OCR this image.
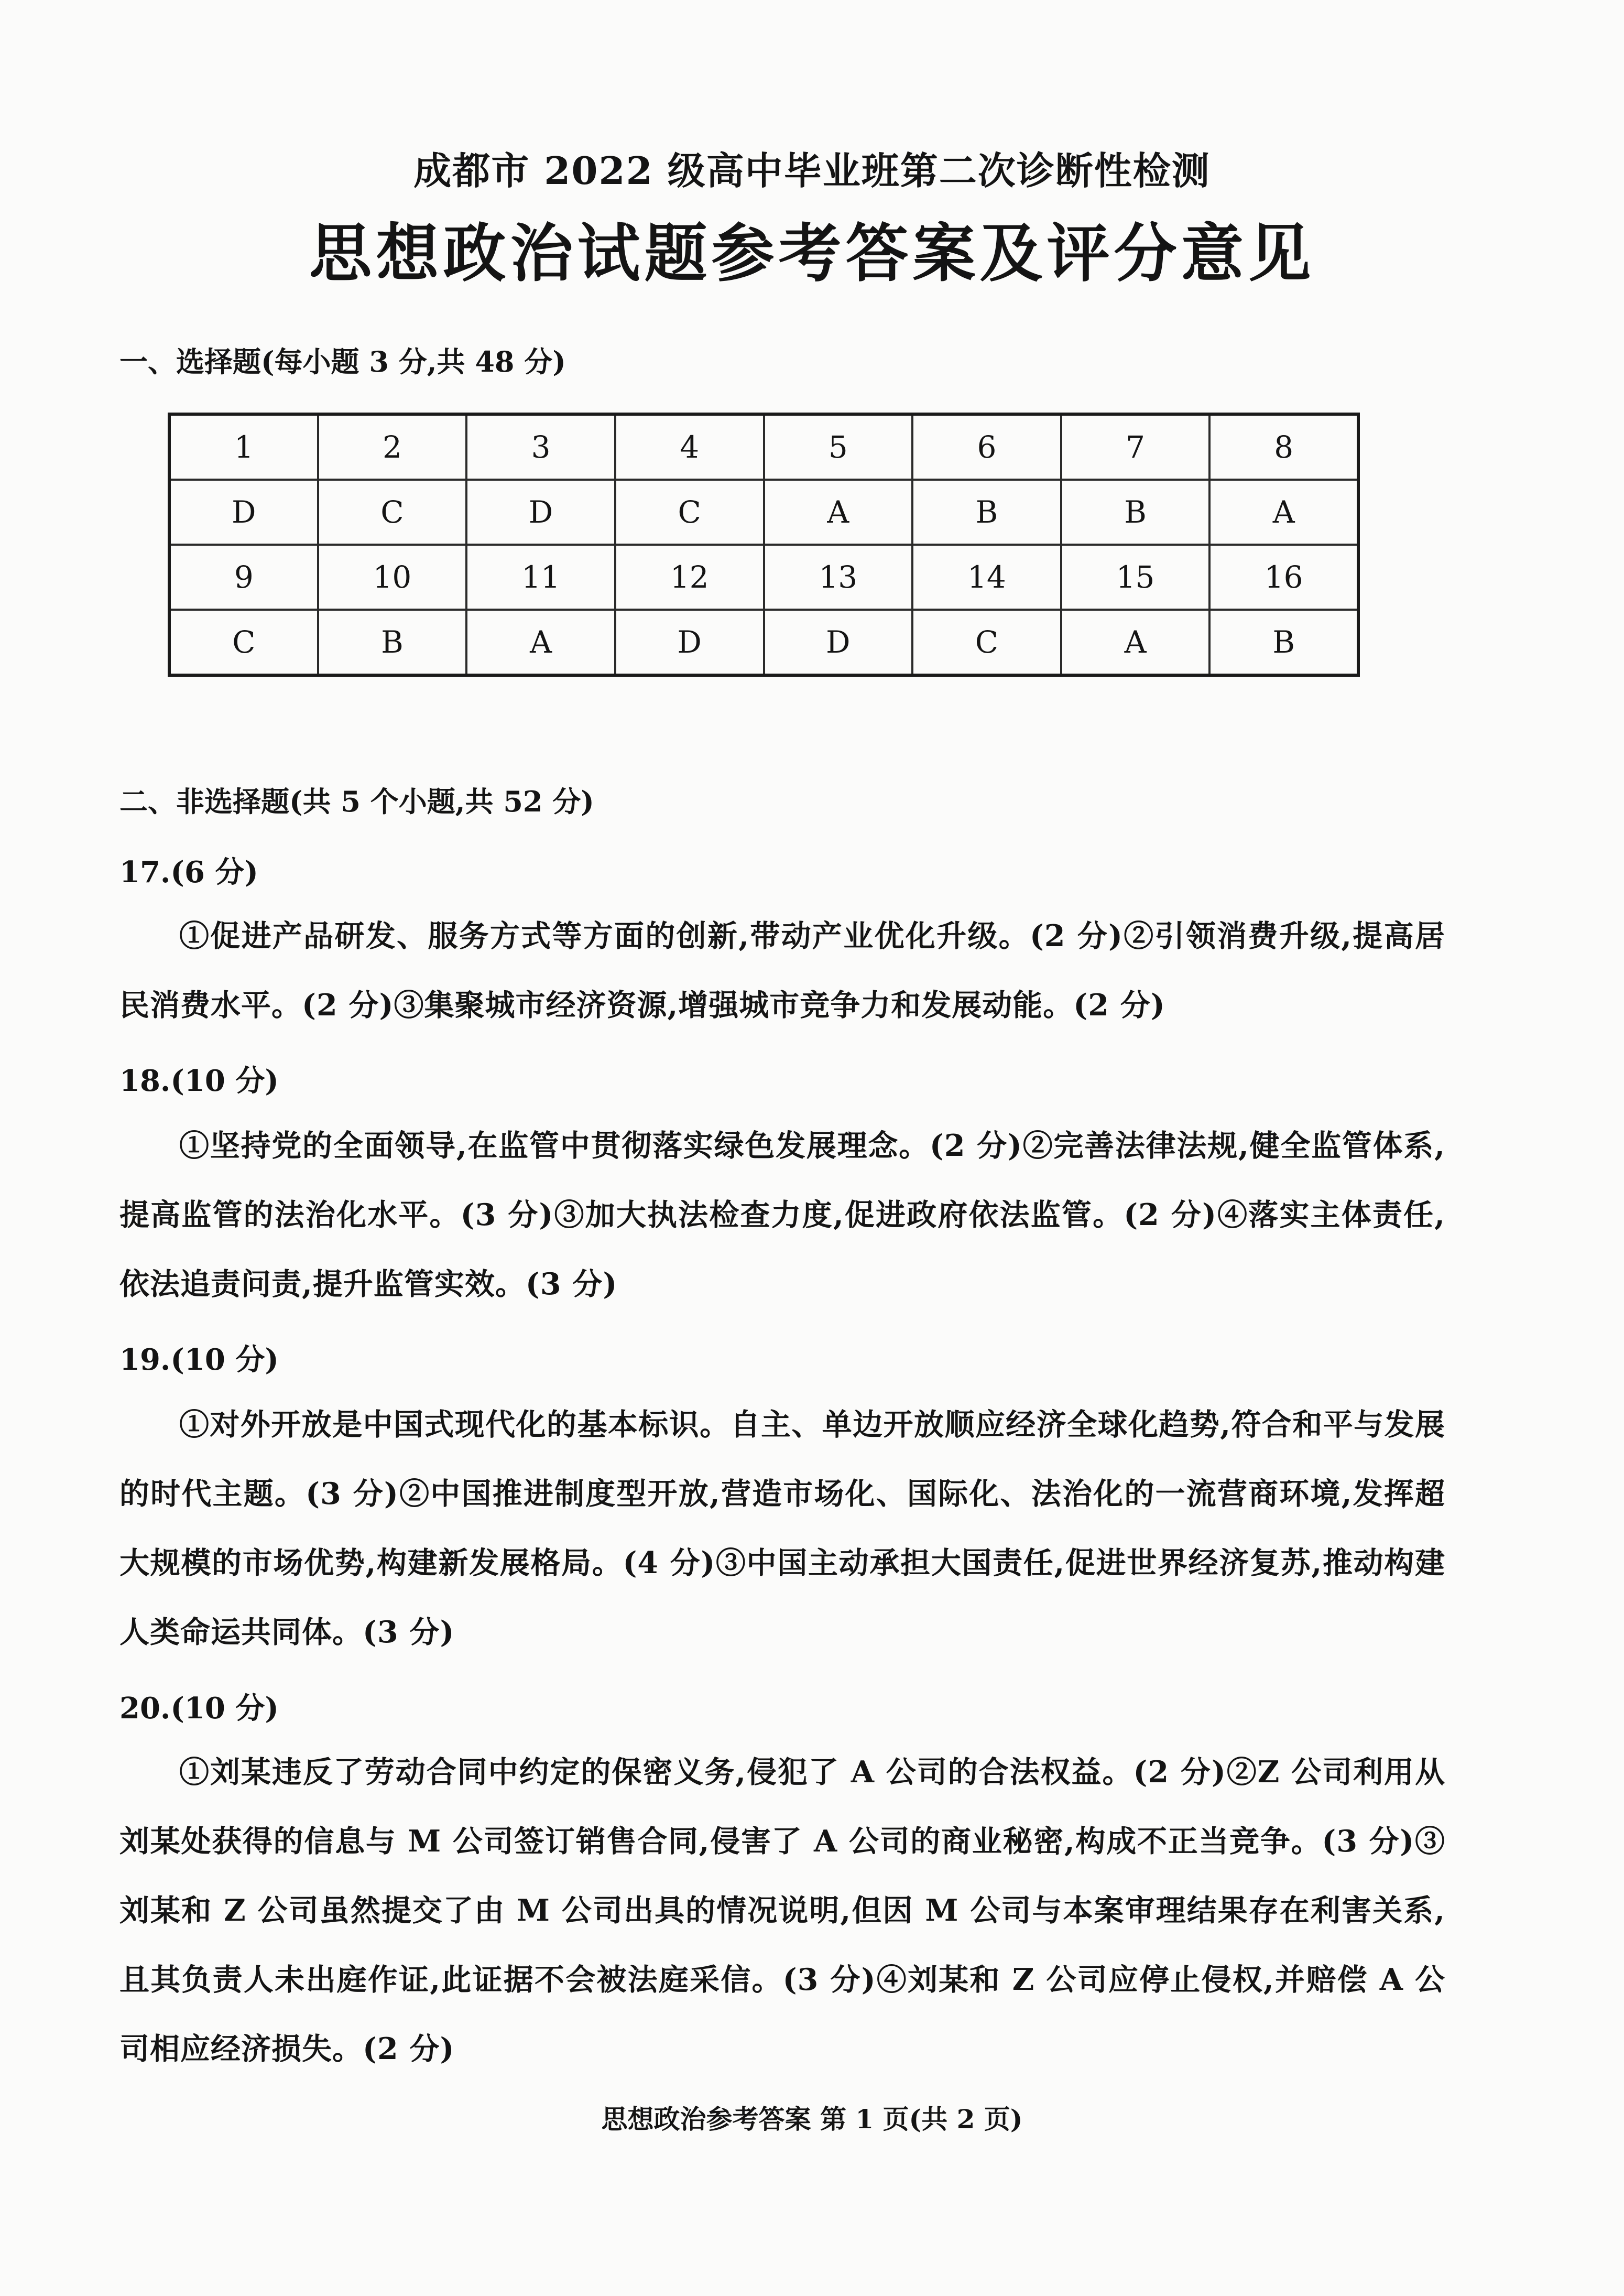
成都市 2022 级高中毕业班第二次诊断性检测
思想政治试题参考答案及评分意见
一、选择题(每小题 3 分,共 48 分)
1	2	3	4	5	6	7	8
D	C	D	C	A	B	B	A
9	10	11	12	13	14	15	16
C	B	A	D	D	C	A	B
二、非选择题(共 5 个小题,共 52 分)
17.(6 分)
①促进产品研发、服务方式等方面的创新,带动产业优化升级。(2 分)②引领消费升级,提高居民消费水平。(2 分)③集聚城市经济资源,增强城市竞争力和发展动能。(2 分)
18.(10 分)
①坚持党的全面领导,在监管中贯彻落实绿色发展理念。(2 分)②完善法律法规,健全监管体系,提高监管的法治化水平。(3 分)③加大执法检查力度,促进政府依法监管。(2 分)④落实主体责任,依法追责问责,提升监管实效。(3 分)
19.(10 分)
①对外开放是中国式现代化的基本标识。自主、单边开放顺应经济全球化趋势,符合和平与发展的时代主题。(3 分)②中国推进制度型开放,营造市场化、国际化、法治化的一流营商环境,发挥超大规模的市场优势,构建新发展格局。(4 分)③中国主动承担大国责任,促进世界经济复苏,推动构建人类命运共同体。(3 分)
20.(10 分)
①刘某违反了劳动合同中约定的保密义务,侵犯了 A 公司的合法权益。(2 分)②Z 公司利用从刘某处获得的信息与 M 公司签订销售合同,侵害了 A 公司的商业秘密,构成不正当竞争。(3 分)③刘某和 Z 公司虽然提交了由 M 公司出具的情况说明,但因 M 公司与本案审理结果存在利害关系,且其负责人未出庭作证,此证据不会被法庭采信。(3 分)④刘某和 Z 公司应停止侵权,并赔偿 A 公司相应经济损失。(2 分)
思想政治参考答案 第 1 页(共 2 页)
